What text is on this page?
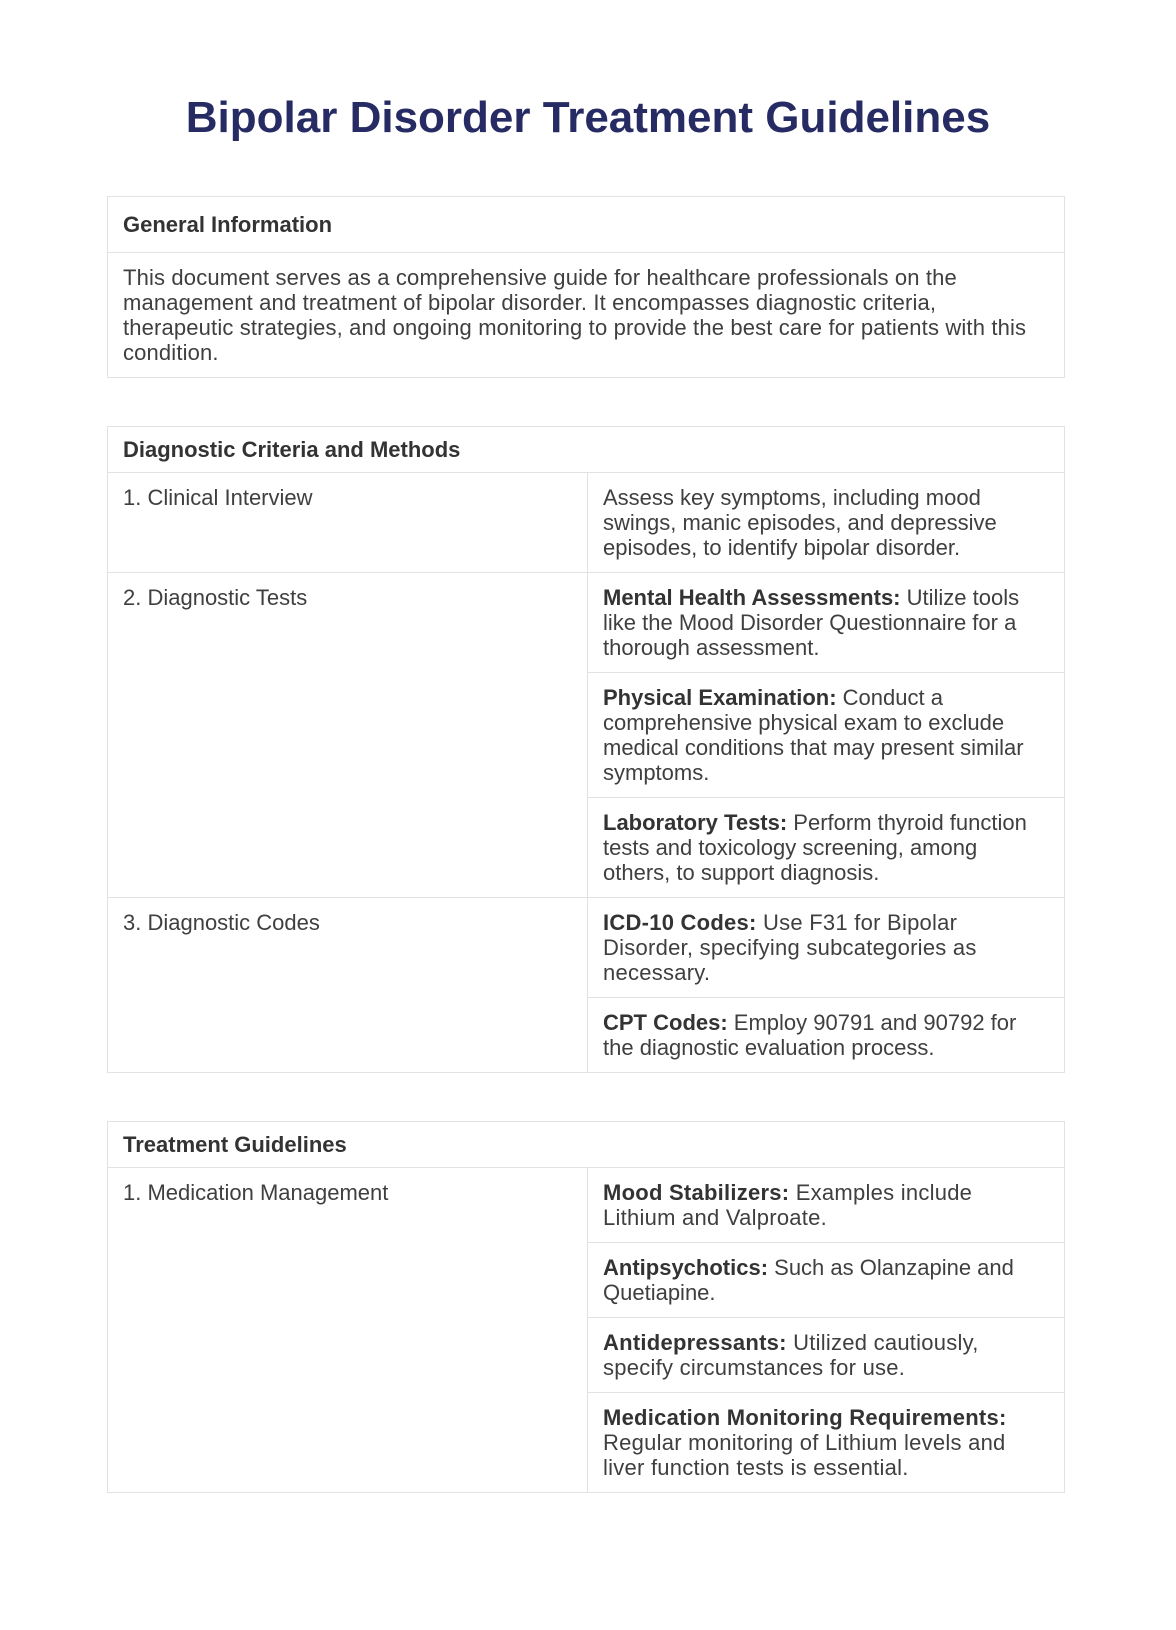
Bipolar Disorder Treatment Guidelines
General Information
This document serves as a comprehensive guide for healthcare professionals on the management and treatment of bipolar disorder. It encompasses diagnostic criteria, therapeutic strategies, and ongoing monitoring to provide the best care for patients with this condition.
Diagnostic Criteria and Methods
1. Clinical Interview	Assess key symptoms, including mood swings, manic episodes, and depressive episodes, to identify bipolar disorder.
2. Diagnostic Tests	Mental Health Assessments: Utilize tools like the Mood Disorder Questionnaire for a thorough assessment.
Physical Examination: Conduct a comprehensive physical exam to exclude medical conditions that may present similar symptoms.
Laboratory Tests: Perform thyroid function tests and toxicology screening, among others, to support diagnosis.
3. Diagnostic Codes	ICD-10 Codes: Use F31 for Bipolar Disorder, specifying subcategories as necessary.
CPT Codes: Employ 90791 and 90792 for the diagnostic evaluation process.
Treatment Guidelines
1. Medication Management	Mood Stabilizers: Examples include Lithium and Valproate.
Antipsychotics: Such as Olanzapine and Quetiapine.
Antidepressants: Utilized cautiously, specify circumstances for use.
Medication Monitoring Requirements: Regular monitoring of Lithium levels and liver function tests is essential.
